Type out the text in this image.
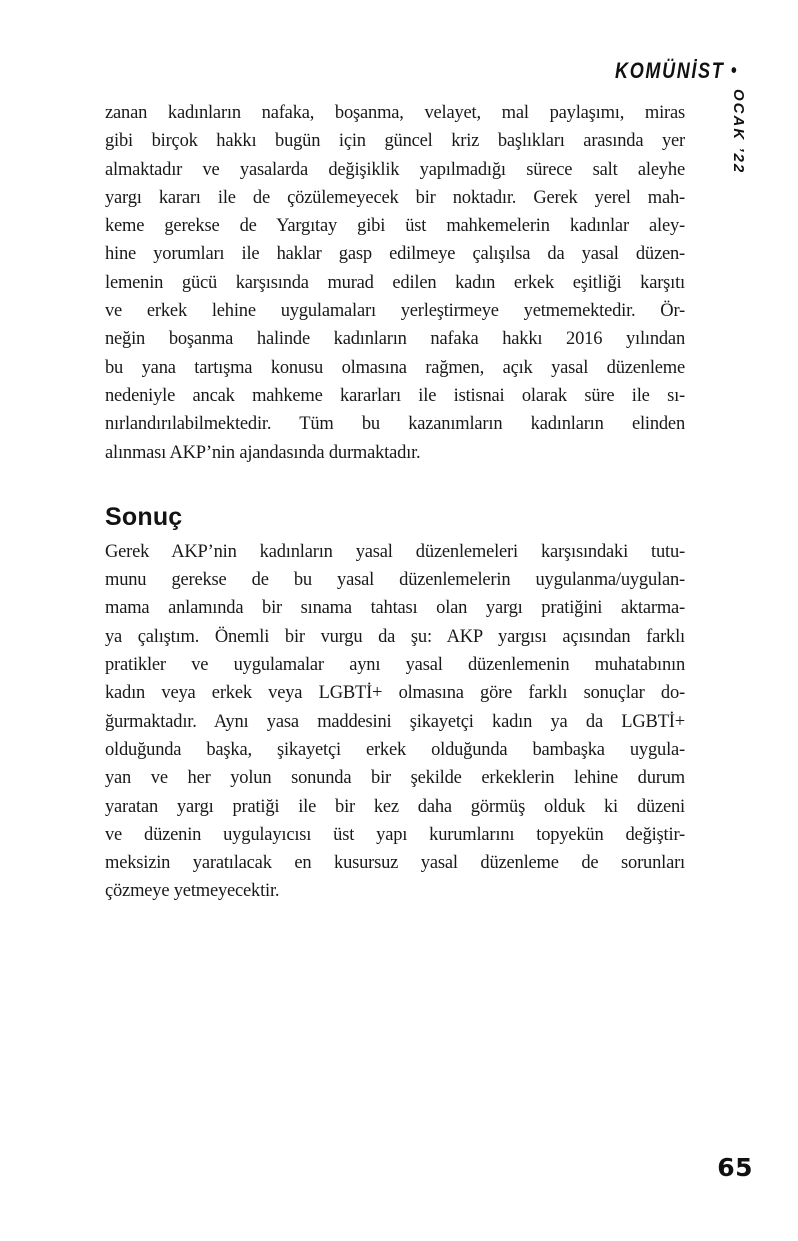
KOMÜNİST •
OCAK ’22
zanan kadınların nafaka, boşanma, velayet, mal paylaşımı, miras
gibi birçok hakkı bugün için güncel kriz başlıkları arasında yer
almaktadır ve yasalarda değişiklik yapılmadığı sürece salt aleyhe
yargı kararı ile de çözülemeyecek bir noktadır. Gerek yerel mah-
keme gerekse de Yargıtay gibi üst mahkemelerin kadınlar aley-
hine yorumları ile haklar gasp edilmeye çalışılsa da yasal düzen-
lemenin gücü karşısında murad edilen kadın erkek eşitliği karşıtı
ve erkek lehine uygulamaları yerleştirmeye yetmemektedir. Ör-
neğin boşanma halinde kadınların nafaka hakkı 2016 yılından
bu yana tartışma konusu olmasına rağmen, açık yasal düzenleme
nedeniyle ancak mahkeme kararları ile istisnai olarak süre ile sı-
nırlandırılabilmektedir. Tüm bu kazanımların kadınların elinden
alınması AKP’nin ajandasında durmaktadır.
Sonuç
Gerek AKP’nin kadınların yasal düzenlemeleri karşısındaki tutu-
munu gerekse de bu yasal düzenlemelerin uygulanma/uygulan-
mama anlamında bir sınama tahtası olan yargı pratiğini aktarma-
ya çalıştım. Önemli bir vurgu da şu: AKP yargısı açısından farklı
pratikler ve uygulamalar aynı yasal düzenlemenin muhatabının
kadın veya erkek veya LGBTİ+ olmasına göre farklı sonuçlar do-
ğurmaktadır. Aynı yasa maddesini şikayetçi kadın ya da LGBTİ+
olduğunda başka, şikayetçi erkek olduğunda bambaşka uygula-
yan ve her yolun sonunda bir şekilde erkeklerin lehine durum
yaratan yargı pratiği ile bir kez daha görmüş olduk ki düzeni
ve düzenin uygulayıcısı üst yapı kurumlarını topyekün değiştir-
meksizin yaratılacak en kusursuz yasal düzenleme de sorunları
çözmeye yetmeyecektir.
65
